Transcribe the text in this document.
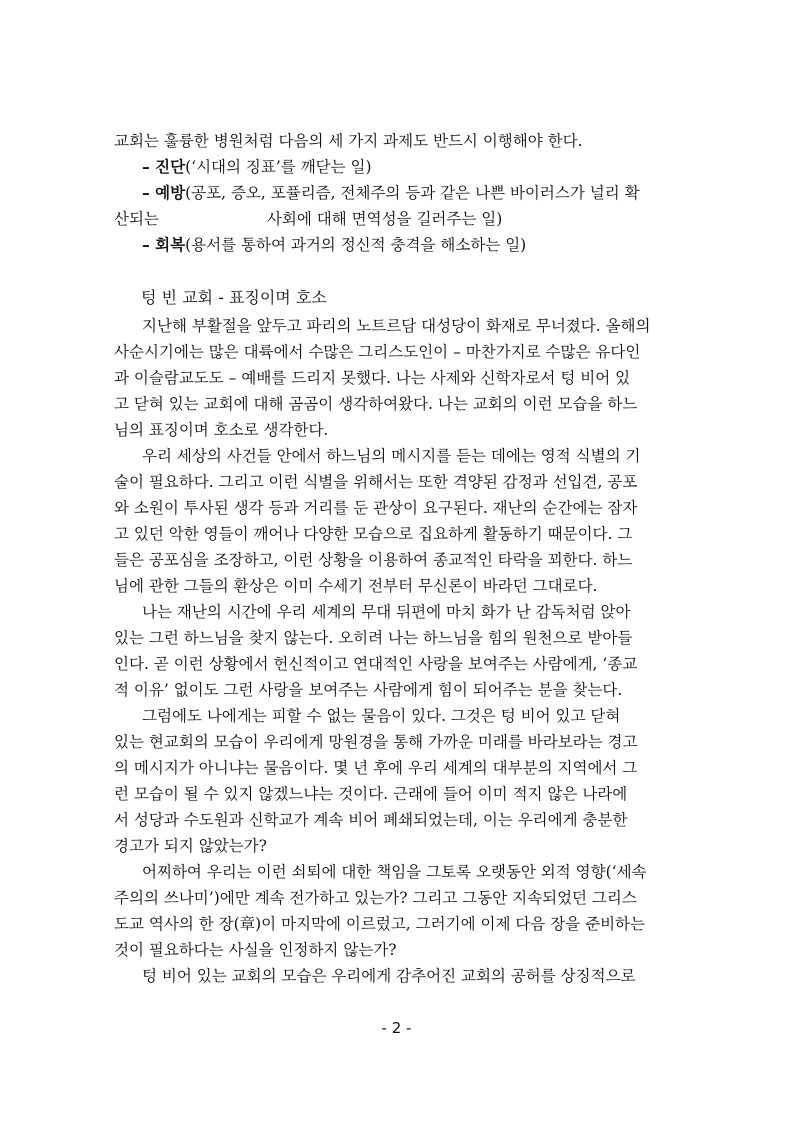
교회는 훌륭한 병원처럼 다음의 세 가지 과제도 반드시 이행해야 한다.
– 진단(‘시대의 징표’를 깨닫는 일)
– 예방(공포, 증오, 포퓰리즘, 전체주의 등과 같은 나쁜 바이러스가 널리 확
산되는	사회에 대해 면역성을 길러주는 일)
– 회복(용서를 통하여 과거의 정신적 충격을 해소하는 일)
텅 빈 교회 - 표징이며 호소
지난해 부활절을 앞두고 파리의 노트르담 대성당이 화재로 무너졌다. 올해의
사순시기에는 많은 대륙에서 수많은 그리스도인이 – 마찬가지로 수많은 유다인
과 이슬람교도도 – 예배를 드리지 못했다. 나는 사제와 신학자로서 텅 비어 있
고 닫혀 있는 교회에 대해 곰곰이 생각하여왔다. 나는 교회의 이런 모습을 하느
님의 표징이며 호소로 생각한다.
우리 세상의 사건들 안에서 하느님의 메시지를 듣는 데에는 영적 식별의 기
술이 필요하다. 그리고 이런 식별을 위해서는 또한 격양된 감정과 선입견, 공포
와 소원이 투사된 생각 등과 거리를 둔 관상이 요구된다. 재난의 순간에는 잠자
고 있던 악한 영들이 깨어나 다양한 모습으로 집요하게 활동하기 때문이다. 그
들은 공포심을 조장하고, 이런 상황을 이용하여 종교적인 타락을 꾀한다. 하느
님에 관한 그들의 환상은 이미 수세기 전부터 무신론이 바라던 그대로다.
나는 재난의 시간에 우리 세계의 무대 뒤편에 마치 화가 난 감독처럼 앉아
있는 그런 하느님을 찾지 않는다. 오히려 나는 하느님을 힘의 원천으로 받아들
인다. 곧 이런 상황에서 헌신적이고 연대적인 사랑을 보여주는 사람에게, ‘종교
적 이유’ 없이도 그런 사랑을 보여주는 사람에게 힘이 되어주는 분을 찾는다.
그럼에도 나에게는 피할 수 없는 물음이 있다. 그것은 텅 비어 있고 닫혀
있는 현교회의 모습이 우리에게 망원경을 통해 가까운 미래를 바라보라는 경고
의 메시지가 아니냐는 물음이다. 몇 년 후에 우리 세계의 대부분의 지역에서 그
런 모습이 될 수 있지 않겠느냐는 것이다. 근래에 들어 이미 적지 않은 나라에
서 성당과 수도원과 신학교가 계속 비어 폐쇄되었는데, 이는 우리에게 충분한
경고가 되지 않았는가?
어찌하여 우리는 이런 쇠퇴에 대한 책임을 그토록 오랫동안 외적 영향(‘세속
주의의 쓰나미’)에만 계속 전가하고 있는가? 그리고 그동안 지속되었던 그리스
도교 역사의 한 장(章)이 마지막에 이르렀고, 그러기에 이제 다음 장을 준비하는
것이 필요하다는 사실을 인정하지 않는가?
텅 비어 있는 교회의 모습은 우리에게 감추어진 교회의 공허를 상징적으로
- 2 -
